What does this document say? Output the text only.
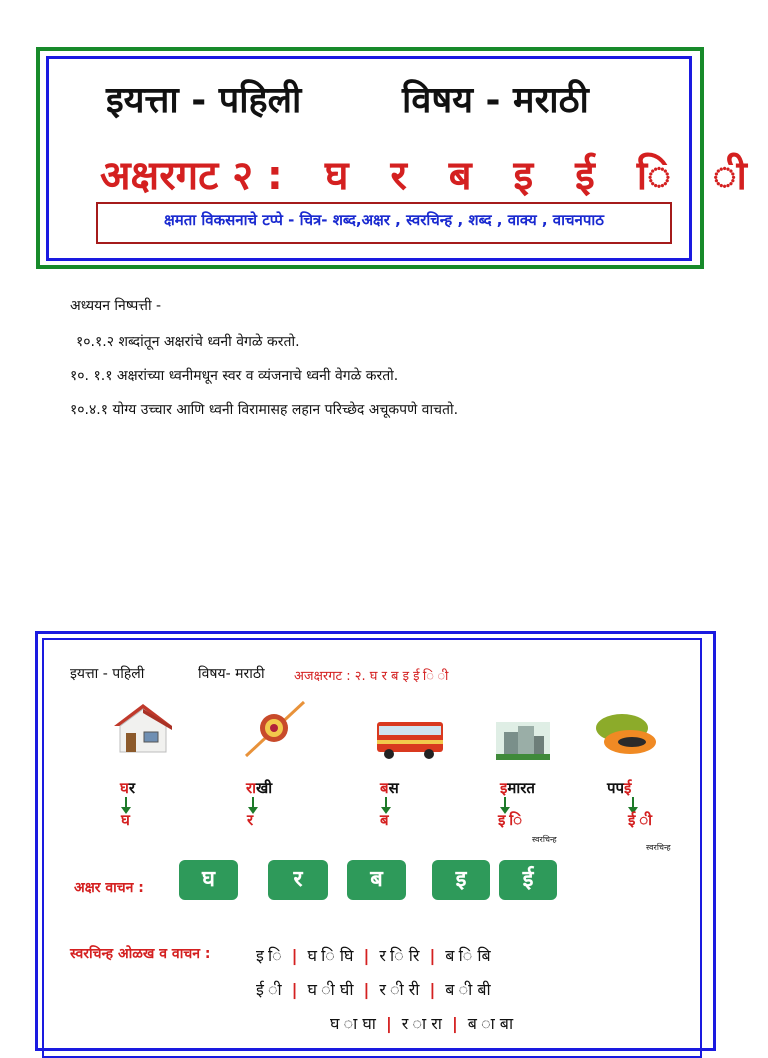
इयत्ता - पहिली	विषय - मराठी
अक्षरगट २ : घ र ब इ ई ि ी
क्षमता विकसनाचे टप्पे - चित्र- शब्द,अक्षर , स्वरचिन्ह , शब्द , वाक्य , वाचनपाठ
अध्ययन निष्पत्ती -
१०.१.२ शब्दांतून अक्षरांचे ध्वनी वेगळे करतो.
१०. १.१ अक्षरांच्या ध्वनीमधून स्वर व व्यंजनाचे ध्वनी वेगळे करतो.
१०.४.१ योग्य उच्चार आणि ध्वनी विरामासह लहान परिच्छेद अचूकपणे वाचतो.
इयत्ता - पहिली	विषय- मराठी अजक्षरगट : २. घ र ब इ ई ि ी
घर	राखी	बस	इमारत	पपई
घ	र	ब	इ ि	ई ी
स्वरचिन्ह
स्वरचिन्ह
अक्षर वाचन :	घ	र	ब	इ	ई
स्वरचिन्ह ओळख व वाचन :	इ ि | घ ि घि | र ि रि | ब ि बि
ई ी | घ ी घी | र ी री | ब ी बी
घ ा घा | र ा रा | ब ा बा
